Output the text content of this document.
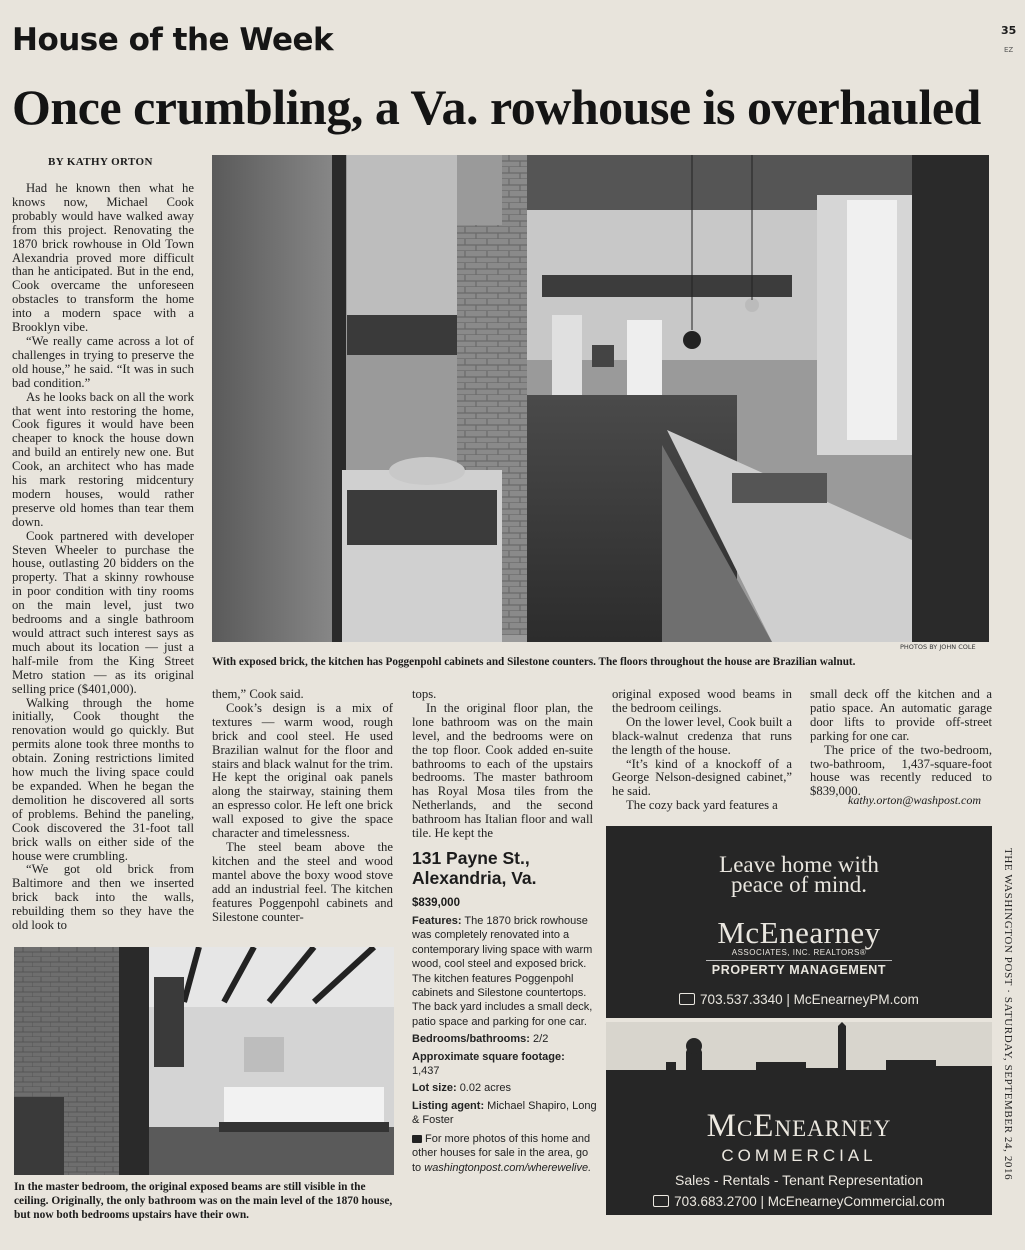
House of the Week	35
EZ
Once crumbling, a Va. rowhouse is overhauled
BY KATHY ORTON

Had he known then what he knows now, Michael Cook probably would have walked away from this project. Renovating the 1870 brick rowhouse in Old Town Alexandria proved more difficult than he anticipated. But in the end, Cook overcame the unforeseen obstacles to transform the home into a modern space with a Brooklyn vibe.

“We really came across a lot of challenges in trying to preserve the old house,” he said. “It was in such bad condition.”

As he looks back on all the work that went into restoring the home, Cook figures it would have been cheaper to knock the house down and build an entirely new one. But Cook, an architect who has made his mark restoring midcentury modern houses, would rather preserve old homes than tear them down.

Cook partnered with developer Steven Wheeler to purchase the house, outlasting 20 bidders on the property. That a skinny rowhouse in poor condition with tiny rooms on the main level, just two bedrooms and a single bathroom would attract such interest says as much about its location — just a half-mile from the King Street Metro station — as its original selling price ($401,000).

Walking through the home initially, Cook thought the renovation would go quickly. But permits alone took three months to obtain. Zoning restrictions limited how much the living space could be expanded. When he began the demolition he discovered all sorts of problems. Behind the paneling, Cook discovered the 31-foot tall brick walls on either side of the house were crumbling.

“We got old brick from Baltimore and then we inserted brick back into the walls, rebuilding them so they have the old look to

PHOTOS BY JOHN COLE
With exposed brick, the kitchen has Poggenpohl cabinets and Silestone counters. The floors throughout the house are Brazilian walnut.

them,” Cook said.

Cook’s design is a mix of textures — warm wood, rough brick and cool steel. He used Brazilian walnut for the floor and stairs and black walnut for the trim. He kept the original oak panels along the stairway, staining them an espresso color. He left one brick wall exposed to give the space character and timelessness.

The steel beam above the kitchen and the steel and wood mantel above the boxy wood stove add an industrial feel. The kitchen features Poggenpohl cabinets and Silestone counter-

tops.

In the original floor plan, the lone bathroom was on the main level, and the bedrooms were on the top floor. Cook added en-suite bathrooms to each of the upstairs bedrooms. The master bathroom has Royal Mosa tiles from the Netherlands, and the second bathroom has Italian floor and wall tile. He kept the

original exposed wood beams in the bedroom ceilings.

On the lower level, Cook built a black-walnut credenza that runs the length of the house.

“It’s kind of a knockoff of a George Nelson-designed cabinet,” he said.

The cozy back yard features a

small deck off the kitchen and a patio space. An automatic garage door lifts to provide off-street parking for one car.

The price of the two-bedroom, two-bathroom, 1,437-square-foot house was recently reduced to $839,000.

kathy.orton@washpost.com
In the master bedroom, the original exposed beams are still visible in the ceiling. Originally, the only bathroom was on the main level of the 1870 house, but now both bedrooms upstairs have their own.
131 Payne St.,
Alexandria, Va.
$839,000
Features: The 1870 brick rowhouse was completely renovated into a contemporary living space with warm wood, cool steel and exposed brick. The kitchen features Poggenpohl cabinets and Silestone countertops. The back yard includes a small deck, patio space and parking for one car.
Bedrooms/bathrooms: 2/2
Approximate square footage:
1,437
Lot size: 0.02 acres
Listing agent: Michael Shapiro, Long & Foster
For more photos of this home and other houses for sale in the area, go to washingtonpost.com/wherewelive.
Leave home with
peace of mind.
McEnearney
ASSOCIATES, INC. REALTORS®
PROPERTY MANAGEMENT
703.537.3340 | McEnearneyPM.com
McEnearney
COMMERCIAL
Sales - Rentals - Tenant Representation
703.683.2700 | McEnearneyCommercial.com
THE WASHINGTON POST · SATURDAY, SEPTEMBER 24, 2016
